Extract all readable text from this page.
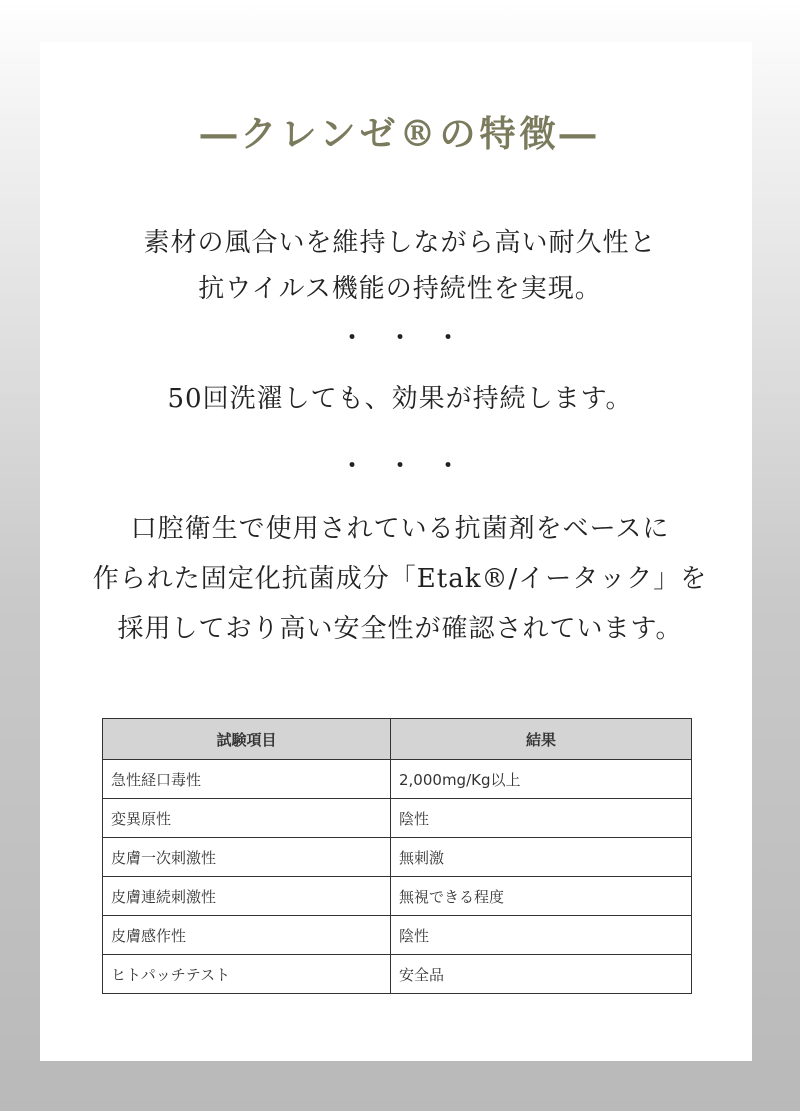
―クレンゼ®の特徴―
素材の風合いを維持しながら高い耐久性と
抗ウイルス機能の持続性を実現。
・・・
50回洗濯しても、効果が持続します。
・・・
口腔衛生で使用されている抗菌剤をベースに
作られた固定化抗菌成分「Etak®/イータック」を
採用しており高い安全性が確認されています。
試験項目	結果
急性経口毒性	2,000mg/Kg以上
変異原性	陰性
皮膚一次刺激性	無刺激
皮膚連続刺激性	無視できる程度
皮膚感作性	陰性
ヒトパッチテスト	安全品
